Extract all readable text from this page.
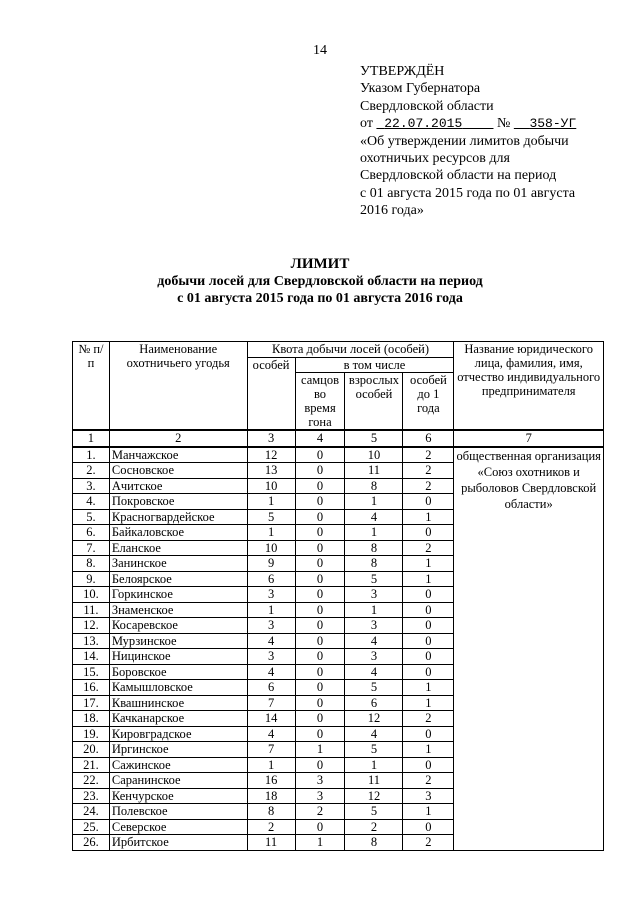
14
УТВЕРЖДЁН
Указом Губернатора
Свердловской области
от 22.07.2015 № 358-УГ
«Об утверждении лимитов добычи
охотничьих ресурсов для
Свердловской области на период
с 01 августа 2015 года по 01 августа
2016 года»
ЛИМИТ
добычи лосей для Свердловской области на период
с 01 августа 2015 года по 01 августа 2016 года
№ п/п	Наименование охотничьего угодья	Квота добычи лосей (особей)				Название юридического лица, фамилия, имя, отчество индивидуального предпринимателя
		особей	в том числе			
			самцов во время гона	взрослых особей	особей до 1 года	
1	2	3	4	5	6	7
1.	Манчажское	12	0	10	2	общественная организация «Союз охотников и рыболовов Свердловской области»
2.	Сосновское	13	0	11	2	
3.	Ачитское	10	0	8	2	
4.	Покровское	1	0	1	0	
5.	Красногвардейское	5	0	4	1	
6.	Байкаловское	1	0	1	0	
7.	Еланское	10	0	8	2	
8.	Занинское	9	0	8	1	
9.	Белоярское	6	0	5	1	
10.	Горкинское	3	0	3	0	
11.	Знаменское	1	0	1	0	
12.	Косаревское	3	0	3	0	
13.	Мурзинское	4	0	4	0	
14.	Ницинское	3	0	3	0	
15.	Боровское	4	0	4	0	
16.	Камышловское	6	0	5	1	
17.	Квашнинское	7	0	6	1	
18.	Качканарское	14	0	12	2	
19.	Кировградское	4	0	4	0	
20.	Иргинское	7	1	5	1	
21.	Сажинское	1	0	1	0	
22.	Саранинское	16	3	11	2	
23.	Кенчурское	18	3	12	3	
24.	Полевское	8	2	5	1	
25.	Северское	2	0	2	0	
26.	Ирбитское	11	1	8	2	
